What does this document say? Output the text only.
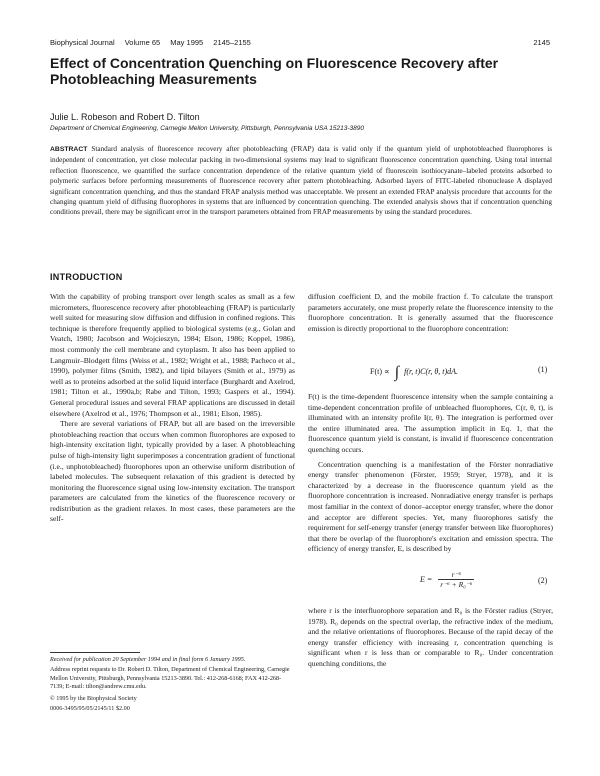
Biophysical Journal Volume 65 May 1995 2145–2155	2145
Effect of Concentration Quenching on Fluorescence Recovery after Photobleaching Measurements
Julie L. Robeson and Robert D. Tilton
Department of Chemical Engineering, Carnegie Mellon University, Pittsburgh, Pennsylvania USA 15213-3890

ABSTRACT Standard analysis of fluorescence recovery after photobleaching (FRAP) data is valid only if the quantum yield of unphotobleached fluorophores is independent of concentration, yet close molecular packing in two-dimensional systems may lead to significant fluorescence concentration quenching. Using total internal reflection fluorescence, we quantified the surface concentration dependence of the relative quantum yield of fluorescein isothiocyanate–labeled proteins adsorbed to polymeric surfaces before performing measurements of fluorescence recovery after pattern photobleaching. Adsorbed layers of FITC-labeled ribonuclease A displayed significant concentration quenching, and thus the standard FRAP analysis method was unacceptable. We present an extended FRAP analysis procedure that accounts for the changing quantum yield of diffusing fluorophores in systems that are influenced by concentration quenching. The extended analysis shows that if concentration quenching conditions prevail, there may be significant error in the transport parameters obtained from FRAP measurements by using the standard procedures.

INTRODUCTION

With the capability of probing transport over length scales as small as a few micrometers, fluorescence recovery after photobleaching (FRAP) is particularly well suited for measuring slow diffusion and diffusion in confined regions. This technique is therefore frequently applied to biological systems (e.g., Golan and Veatch, 1980; Jacobson and Wojcieszyn, 1984; Elson, 1986; Koppel, 1986), most commonly the cell membrane and cytoplasm. It also has been applied to Langmuir–Blodgett films (Weiss et al., 1982; Wright et al., 1988; Pacheco et al., 1990), polymer films (Smith, 1982), and lipid bilayers (Smith et al., 1979) as well as to proteins adsorbed at the solid liquid interface (Burghardt and Axelrod, 1981; Tilton et al., 1990a,b; Rabe and Tilton, 1993; Gaspers et al., 1994). General procedural issues and several FRAP applications are discussed in detail elsewhere (Axelrod et al., 1976; Thompson et al., 1981; Elson, 1985).

There are several variations of FRAP, but all are based on the irreversible photobleaching reaction that occurs when common fluorophores are exposed to high-intensity excitation light, typically provided by a laser. A photobleaching pulse of high-intensity light superimposes a concentration gradient of functional (i.e., unphotobleached) fluorophores upon an otherwise uniform distribution of labeled molecules. The subsequent relaxation of this gradient is detected by monitoring the fluorescence signal using low-intensity excitation. The transport parameters are calculated from the kinetics of the fluorescence recovery or redistribution as the gradient relaxes. In most cases, these parameters are the self-

Received for publication 20 September 1994 and in final form 6 January 1995.

Address reprint requests to Dr. Robert D. Tilton, Department of Chemical Engineering, Carnegie Mellon University, Pittsburgh, Pennsylvania 15213-3890. Tel.: 412-268-6168; FAX 412-268-7139; E-mail: tilton@andrew.cmu.edu.

© 1995 by the Biophysical Society

0006-3495/95/05/2145/11 $2.00

diffusion coefficient D, and the mobile fraction f. To calculate the transport parameters accurately, one must properly relate the fluorescence intensity to the fluorophore concentration. It is generally assumed that the fluorescence emission is directly proportional to the fluorophore concentration:

F(t) ∝ ∫ f(r, t)C(r, θ, t)dA.	(1)

F(t) is the time-dependent fluorescence intensity when the sample containing a time-dependent concentration profile of unbleached fluorophores, C(r, θ, t), is illuminated with an intensity profile I(r, θ). The integration is performed over the entire illuminated area. The assumption implicit in Eq. 1, that the fluorescence quantum yield is constant, is invalid if fluorescence concentration quenching occurs.

Concentration quenching is a manifestation of the Förster nonradiative energy transfer phenomenon (Förster, 1959; Stryer, 1978), and it is characterized by a decrease in the fluorescence quantum yield as the fluorophore concentration is increased. Nonradiative energy transfer is perhaps most familiar in the context of donor–acceptor energy transfer, where the donor and acceptor are different species. Yet, many fluorophores satisfy the requirement for self-energy transfer (energy transfer between like fluorophores) that there be overlap of the fluorophore's excitation and emission spectra. The efficiency of energy transfer, E, is described by

$E = \frac{\text{r⁻⁶}}{\text{r⁻⁶ + R₀⁻⁶}}$	(2)

where r is the interfluorophore separation and R₀ is the Förster radius (Stryer, 1978). R₀ depends on the spectral overlap, the refractive index of the medium, and the relative orientations of fluorophores. Because of the rapid decay of the energy transfer efficiency with increasing r, concentration quenching is significant when r is less than or comparable to R₀. Under concentration quenching conditions, the
